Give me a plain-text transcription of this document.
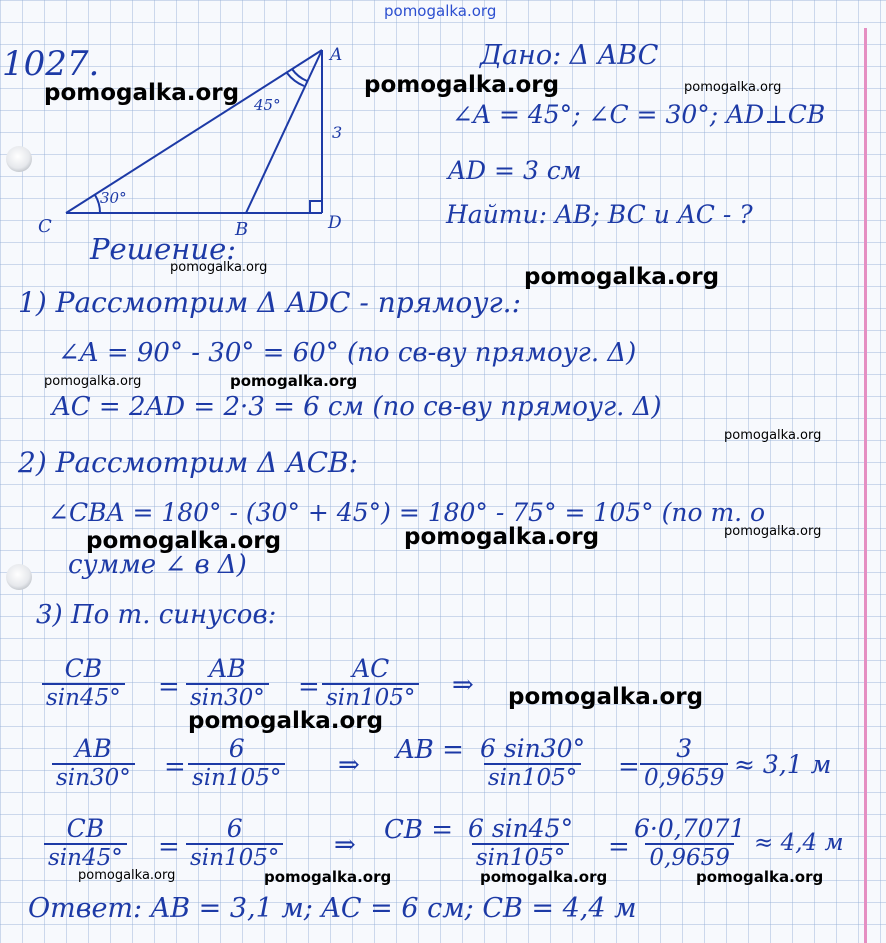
pomogalka.org
1027.	A
C	B	D
45°
30°
3
Дано: Δ ABC
∠A = 45°; ∠C = 30°; AD⊥CB
AD = 3 см
Найти: AB; BC и AC - ?
Решение:
1) Рассмотрим Δ ADC - прямоуг.:
∠A = 90° - 30° = 60° (по св-ву прямоуг. Δ)
AC = 2AD = 2·3 = 6 см (по св-ву прямоуг. Δ)
2) Рассмотрим Δ ACB:
∠CBA = 180° - (30° + 45°) = 180° - 75° = 105° (по т. о
сумме ∠ в Δ)
3) По т. синусов:
$\frac{CB}{\sin 45^\circ} = \frac{AB}{\sin 30^\circ} = \frac{AC}{\sin 105^\circ}$ ⇒
$\frac{AB}{\sin 30^\circ} = \frac{6}{\sin 105^\circ}$ ⇒ AB = $\frac{6 \sin 30^\circ}{\sin 105^\circ} = \frac{3}{0,9659} \approx 3,1$ м
$\frac{CB}{\sin 45^\circ} = \frac{6}{\sin 105^\circ}$ ⇒ CB = $\frac{6 \sin 45^\circ}{\sin 105^\circ} = \frac{6\cdot 0,7071}{0,9659} \approx 4,4$ м
Ответ: AB = 3,1 м; AC = 6 см; CB = 4,4 м
pomogalka.org	pomogalka.org	pomogalka.org
pomogalka.org	pomogalka.org
pomogalka.org	pomogalka.org
pomogalka.org
pomogalka.org
pomogalka.org	pomogalka.org
pomogalka.org
pomogalka.org
pomogalka.org	pomogalka.org	pomogalka.org	pomogalka.org
